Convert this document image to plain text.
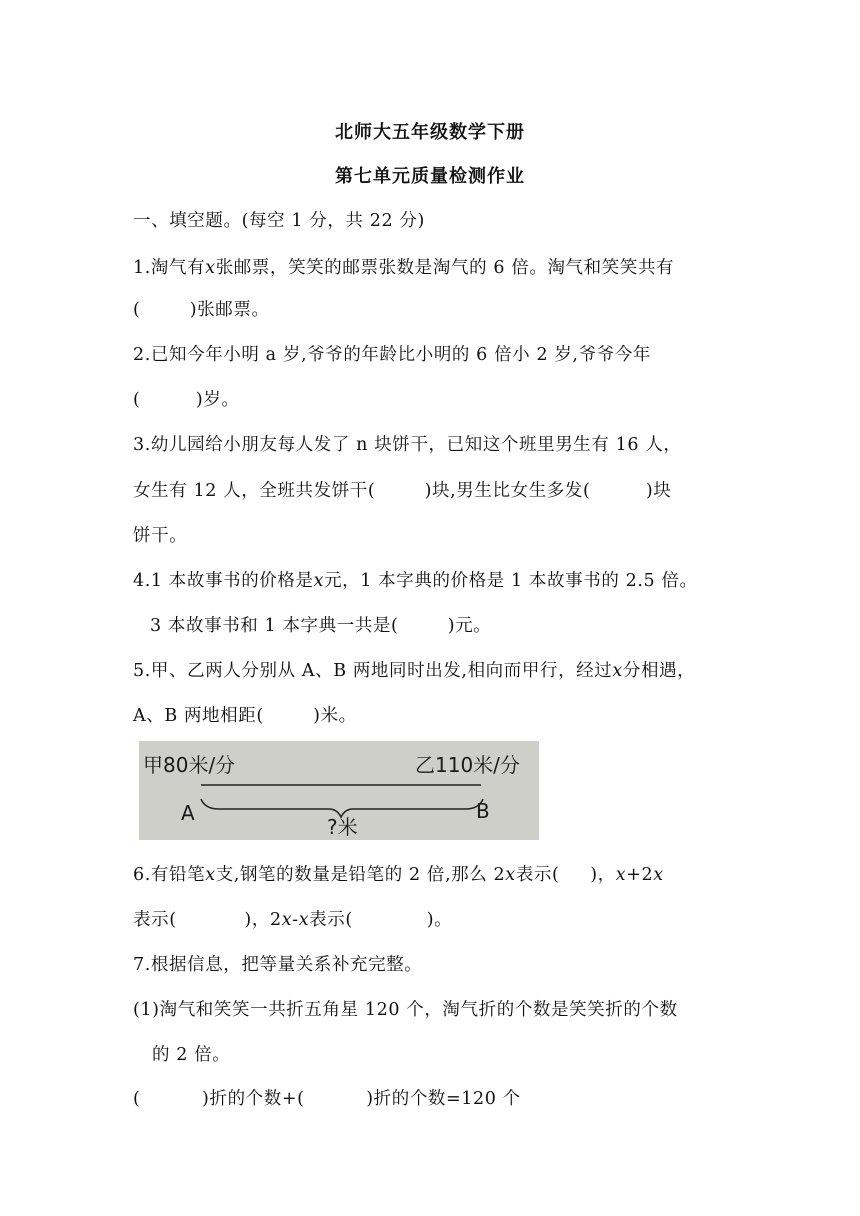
北师大五年级数学下册
第七单元质量检测作业
一、填空题。(每空 1 分，共 22 分)
1.淘气有x张邮票，笑笑的邮票张数是淘气的 6 倍。淘气和笑笑共有
(        )张邮票。
2.已知今年小明 a 岁,爷爷的年龄比小明的 6 倍小 2 岁,爷爷今年
(         )岁。
3.幼儿园给小朋友每人发了 n 块饼干，已知这个班里男生有 16 人，
女生有 12 人，全班共发饼干(        )块,男生比女生多发(         )块
饼干。
4.1 本故事书的价格是x元，1 本字典的价格是 1 本故事书的 2.5 倍。
3 本故事书和 1 本字典一共是(        )元。
5.甲、乙两人分别从 A、B 两地同时出发,相向而甲行，经过x分相遇，
A、B 两地相距(        )米。
甲80米/分	乙110米/分
A	B
?米
6.有铅笔x支,钢笔的数量是铅笔的 2 倍,那么 2x表示(     )，x+2x
表示(           )，2x-x表示(            )。
7.根据信息，把等量关系补充完整。
(1)淘气和笑笑一共折五角星 120 个，淘气折的个数是笑笑折的个数
的 2 倍。
(          )折的个数+(          )折的个数=120 个
